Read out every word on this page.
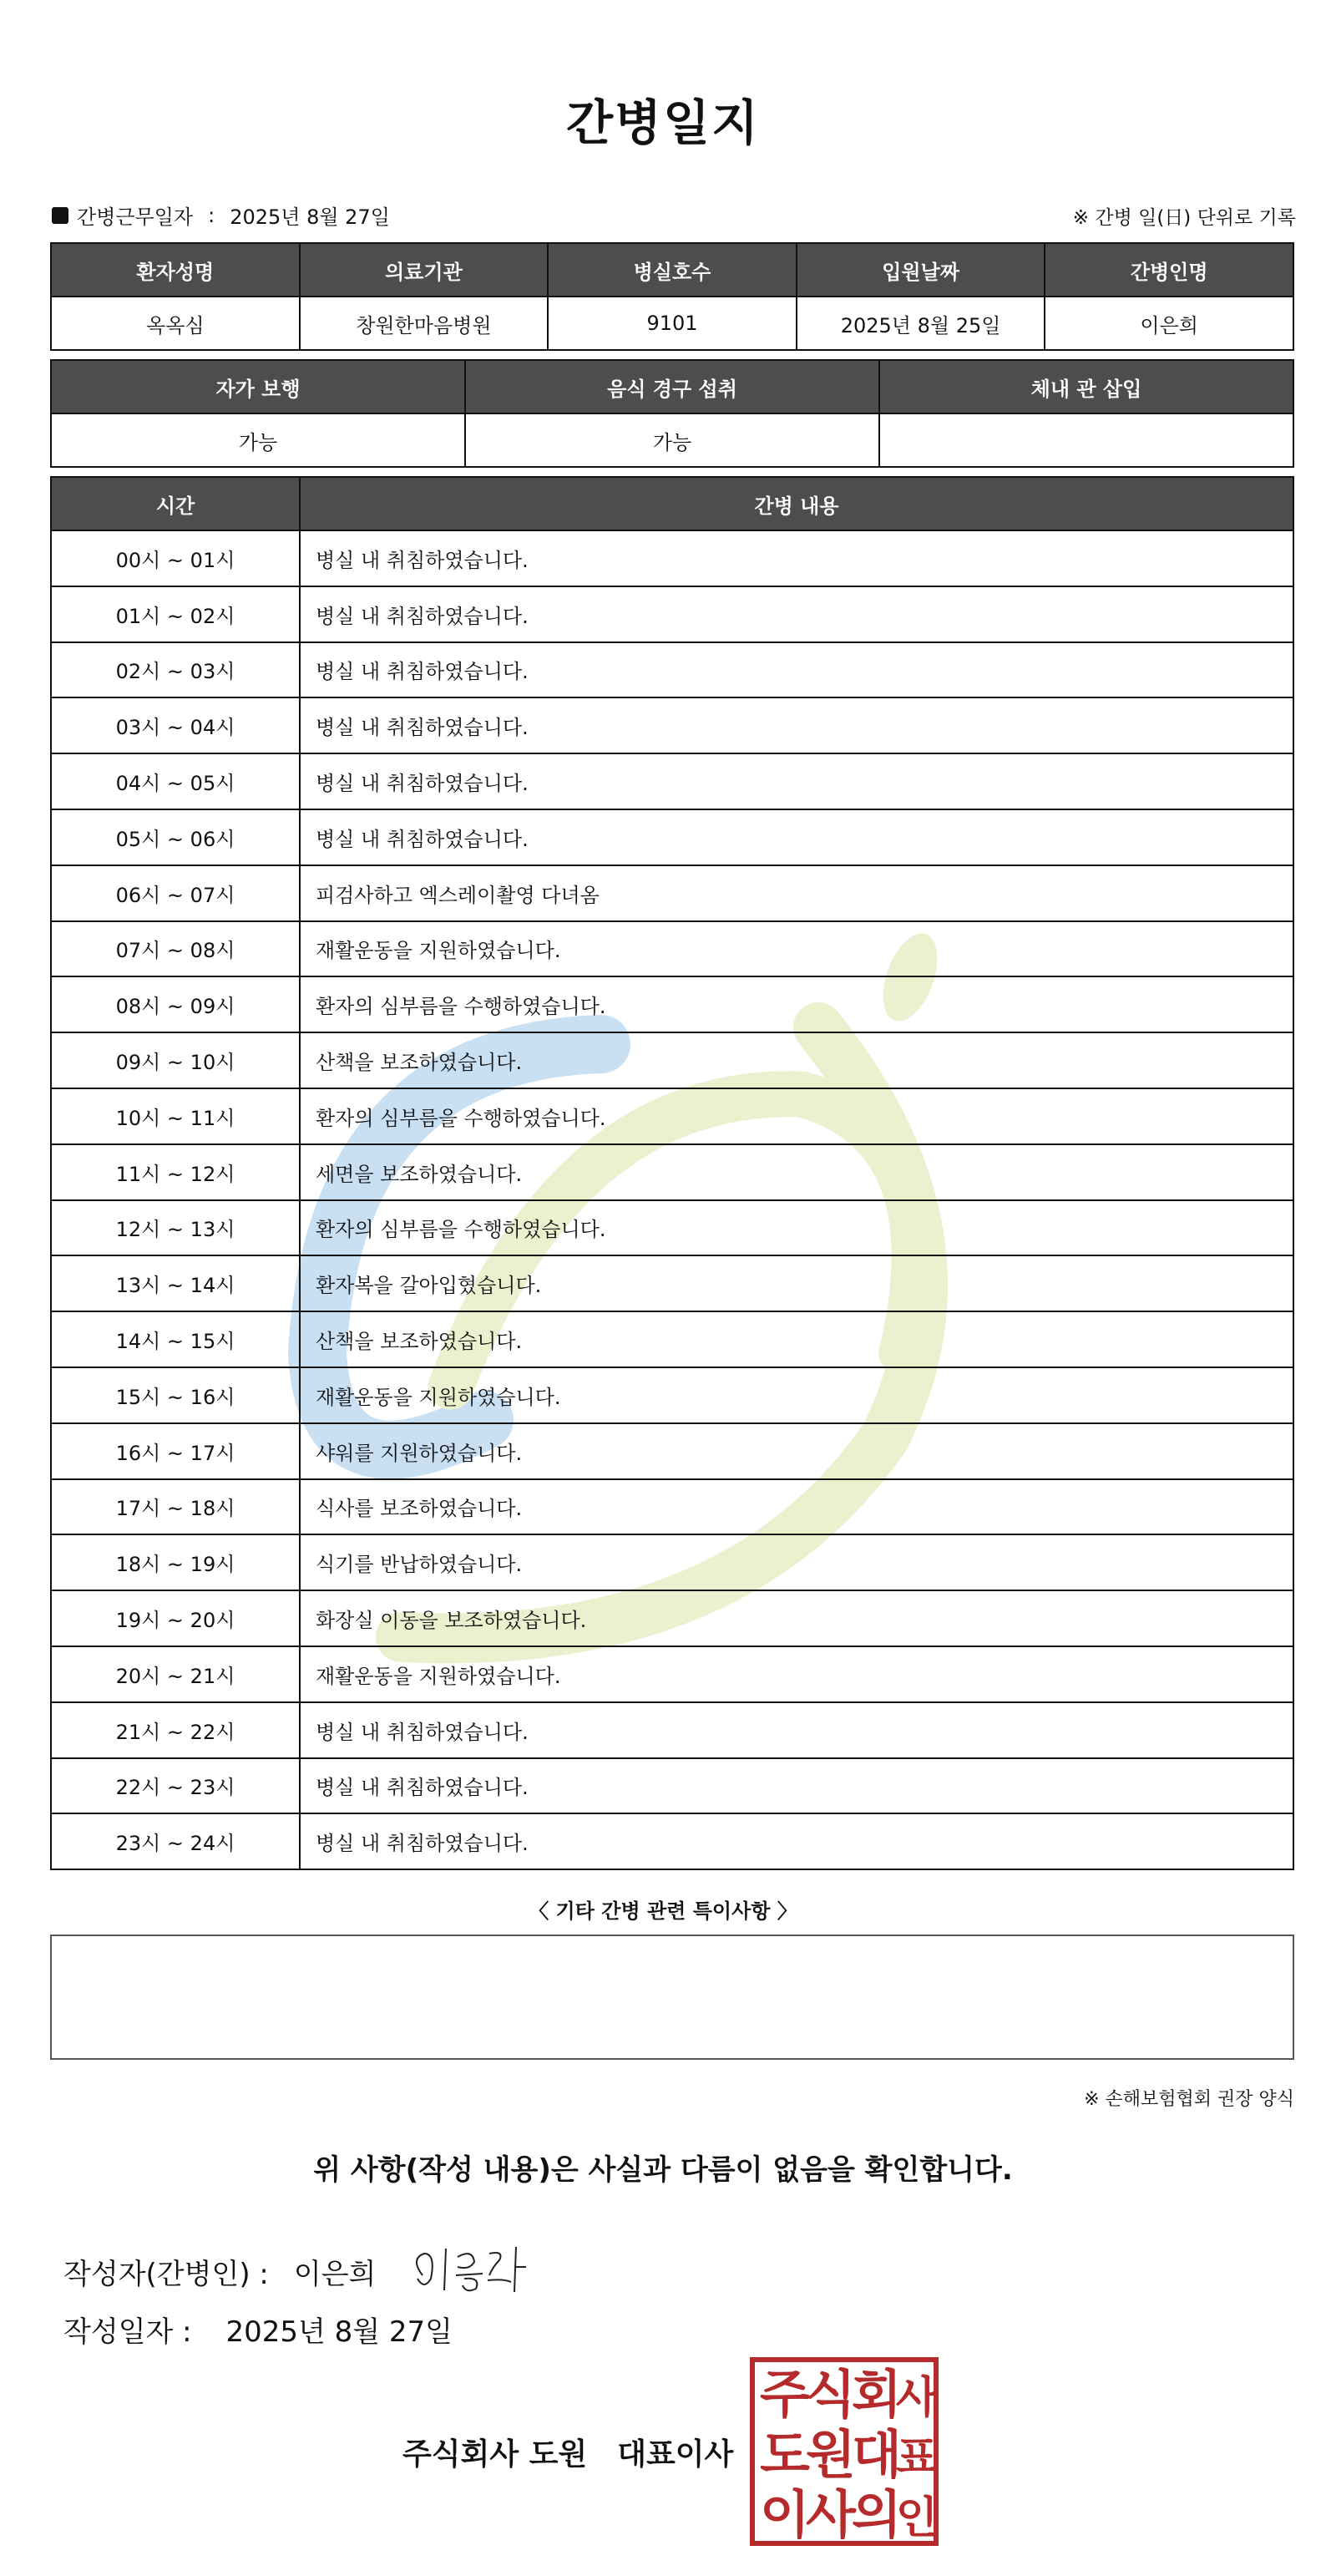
간병일지
간병근무일자 : 2025년 8월 27일	※ 간병 일(日) 단위로 기록
환자성명	의료기관	병실호수	입원날짜	간병인명
옥옥심	창원한마음병원	9101	2025년 8월 25일	이은희
자가 보행	음식 경구 섭취	체내 관 삽입
가능	가능	
시간	간병 내용
00시 ~ 01시	병실 내 취침하였습니다.
01시 ~ 02시	병실 내 취침하였습니다.
02시 ~ 03시	병실 내 취침하였습니다.
03시 ~ 04시	병실 내 취침하였습니다.
04시 ~ 05시	병실 내 취침하였습니다.
05시 ~ 06시	병실 내 취침하였습니다.
06시 ~ 07시	피검사하고 엑스레이촬영 다녀옴
07시 ~ 08시	재활운동을 지원하였습니다.
08시 ~ 09시	환자의 심부름을 수행하였습니다.
09시 ~ 10시	산책을 보조하였습니다.
10시 ~ 11시	환자의 심부름을 수행하였습니다.
11시 ~ 12시	세면을 보조하였습니다.
12시 ~ 13시	환자의 심부름을 수행하였습니다.
13시 ~ 14시	환자복을 갈아입혔습니다.
14시 ~ 15시	산책을 보조하였습니다.
15시 ~ 16시	재활운동을 지원하였습니다.
16시 ~ 17시	샤워를 지원하였습니다.
17시 ~ 18시	식사를 보조하였습니다.
18시 ~ 19시	식기를 반납하였습니다.
19시 ~ 20시	화장실 이동을 보조하였습니다.
20시 ~ 21시	재활운동을 지원하였습니다.
21시 ~ 22시	병실 내 취침하였습니다.
22시 ~ 23시	병실 내 취침하였습니다.
23시 ~ 24시	병실 내 취침하였습니다.
〈 기타 간병 관련 특이사항 〉
※ 손해보험협회 권장 양식
위 사항(작성 내용)은 사실과 다름이 없음을 확인합니다.
작성자(간병인) : 이은희
작성일자 : 2025년 8월 27일
주식회사 도원 대표이사
주
식
회
사
도
원
대
표
이
사
의
인
